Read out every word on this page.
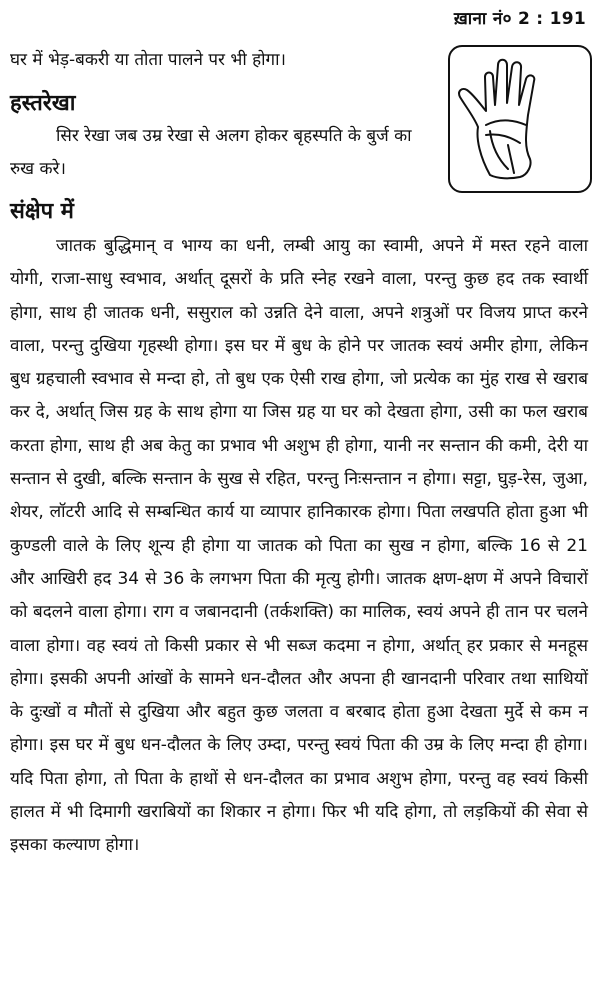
ख़ाना नं० 2 : 191
घर में भेड़-बकरी या तोता पालने पर भी होगा।
हस्तरेखा
सिर रेखा जब उम्र रेखा से अलग होकर बृहस्पति के बुर्ज का रुख करे।
संक्षेप में
जातक बुद्धिमान् व भाग्य का धनी, लम्बी आयु का स्वामी, अपने में मस्त रहने वाला योगी, राजा-साधु स्वभाव, अर्थात् दूसरों के प्रति स्नेह रखने वाला, परन्तु कुछ हद तक स्वार्थी होगा, साथ ही जातक धनी, ससुराल को उन्नति देने वाला, अपने शत्रुओं पर विजय प्राप्त करने वाला, परन्तु दुखिया गृहस्थी होगा। इस घर में बुध के होने पर जातक स्वयं अमीर होगा, लेकिन बुध ग्रहचाली स्वभाव से मन्दा हो, तो बुध एक ऐसी राख होगा, जो प्रत्येक का मुंह राख से खराब कर दे, अर्थात् जिस ग्रह के साथ होगा या जिस ग्रह या घर को देखता होगा, उसी का फल खराब करता होगा, साथ ही अब केतु का प्रभाव भी अशुभ ही होगा, यानी नर सन्तान की कमी, देरी या सन्तान से दुखी, बल्कि सन्तान के सुख से रहित, परन्तु निःसन्तान न होगा। सट्टा, घुड़-रेस, जुआ, शेयर, लॉटरी आदि से सम्बन्धित कार्य या व्यापार हानिकारक होगा। पिता लखपति होता हुआ भी कुण्डली वाले के लिए शून्य ही होगा या जातक को पिता का सुख न होगा, बल्कि 16 से 21 और आखिरी हद 34 से 36 के लगभग पिता की मृत्यु होगी। जातक क्षण-क्षण में अपने विचारों को बदलने वाला होगा। राग व जबानदानी (तर्कशक्ति) का मालिक, स्वयं अपने ही तान पर चलने वाला होगा। वह स्वयं तो किसी प्रकार से भी सब्ज कदमा न होगा, अर्थात् हर प्रकार से मनहूस होगा। इसकी अपनी आंखों के सामने धन-दौलत और अपना ही खानदानी परिवार तथा साथियों के दुःखों व मौतों से दुखिया और बहुत कुछ जलता व बरबाद होता हुआ देखता मुर्दे से कम न होगा। इस घर में बुध धन-दौलत के लिए उम्दा, परन्तु स्वयं पिता की उम्र के लिए मन्दा ही होगा। यदि पिता होगा, तो पिता के हाथों से धन-दौलत का प्रभाव अशुभ होगा, परन्तु वह स्वयं किसी हालत में भी दिमागी खराबियों का शिकार न होगा। फिर भी यदि होगा, तो लड़कियों की सेवा से इसका कल्याण होगा।
